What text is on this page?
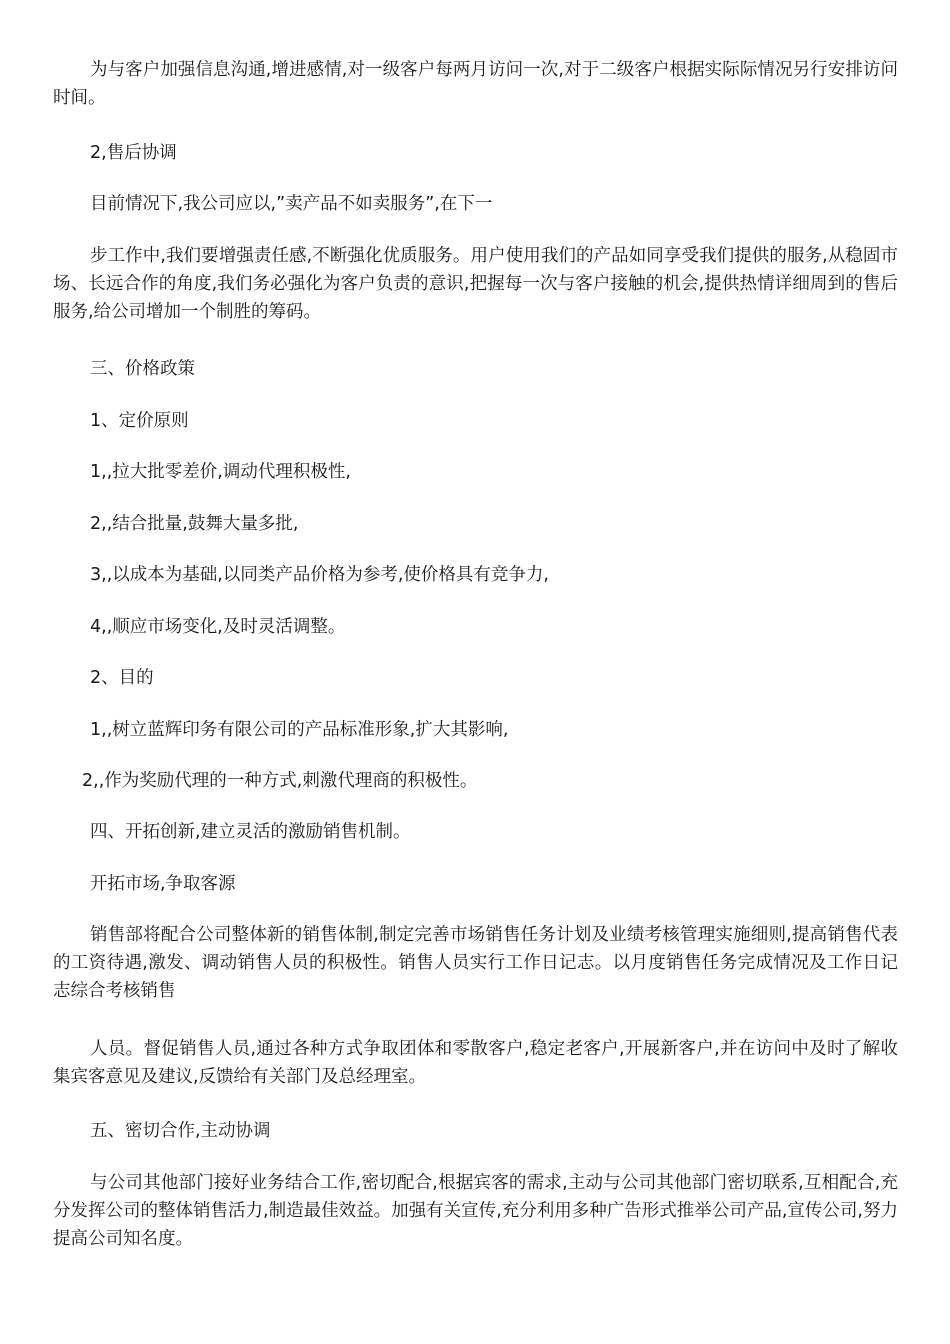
为与客户加强信息沟通,增进感情,对一级客户每两月访问一次,对于二级客户根据实际际情况另行安排访问时间。

2,售后协调

目前情况下,我公司应以,”卖产品不如卖服务”,在下一

步工作中,我们要增强责任感,不断强化优质服务。用户使用我们的产品如同享受我们提供的服务,从稳固市场、长远合作的角度,我们务必强化为客户负责的意识,把握每一次与客户接触的机会,提供热情详细周到的售后服务,给公司增加一个制胜的筹码。

三、价格政策

1、定价原则

1,,拉大批零差价,调动代理积极性,

2,,结合批量,鼓舞大量多批,

3,,以成本为基础,以同类产品价格为参考,使价格具有竞争力,

4,,顺应市场变化,及时灵活调整。

2、目的

1,,树立蓝辉印务有限公司的产品标准形象,扩大其影响,

2,,作为奖励代理的一种方式,刺激代理商的积极性。

四、开拓创新,建立灵活的激励销售机制。

开拓市场,争取客源

销售部将配合公司整体新的销售体制,制定完善市场销售任务计划及业绩考核管理实施细则,提高销售代表的工资待遇,激发、调动销售人员的积极性。销售人员实行工作日记志。以月度销售任务完成情况及工作日记志综合考核销售

人员。督促销售人员,通过各种方式争取团体和零散客户,稳定老客户,开展新客户,并在访问中及时了解收集宾客意见及建议,反馈给有关部门及总经理室。

五、密切合作,主动协调

与公司其他部门接好业务结合工作,密切配合,根据宾客的需求,主动与公司其他部门密切联系,互相配合,充分发挥公司的整体销售活力,制造最佳效益。加强有关宣传,充分利用多种广告形式推举公司产品,宣传公司,努力提高公司知名度。
